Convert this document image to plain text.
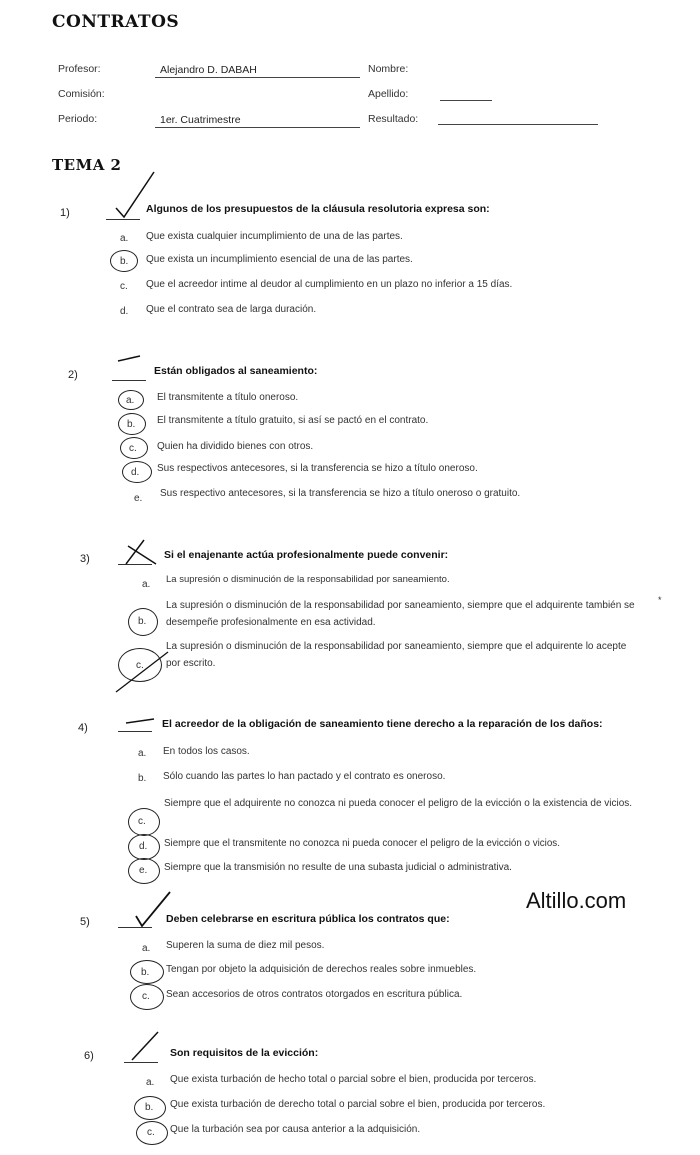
CONTRATOS
Profesor:	Alejandro D. DABAH
Comisión:
Periodo:	1er. Cuatrimestre
Nombre:
Apellido:
Resultado:
TEMA 2
1)	Algunos de los presupuestos de la cláusula resolutoria expresa son:
a. Que exista cualquier incumplimiento de una de las partes.
b. Que exista un incumplimiento esencial de una de las partes.
c. Que el acreedor intime al deudor al cumplimiento en un plazo no inferior a 15 días.
d. Que el contrato sea de larga duración.
2)	Están obligados al saneamiento:
a. El transmitente a título oneroso.
b. El transmitente a título gratuito, si así se pactó en el contrato.
c. Quien ha dividido bienes con otros.
d. Sus respectivos antecesores, si la transferencia se hizo a título oneroso.
e. Sus respectivo antecesores, si la transferencia se hizo a título oneroso o gratuito.
3)	Si el enajenante actúa profesionalmente puede convenir:
a. La supresión o disminución de la responsabilidad por saneamiento.
b.
La supresión o disminución de la responsabilidad por saneamiento, siempre que el adquirente también se desempeñe profesionalmente en esa actividad.
c.
La supresión o disminución de la responsabilidad por saneamiento, siempre que el adquirente lo acepte por escrito.
*
4)	El acreedor de la obligación de saneamiento tiene derecho a la reparación de los daños:
a. En todos los casos.
b. Sólo cuando las partes lo han pactado y el contrato es oneroso.
c.
Siempre que el adquirente no conozca ni pueda conocer el peligro de la evicción o la existencia de vicios.
d. Siempre que el transmitente no conozca ni pueda conocer el peligro de la evicción o vicios.
e. Siempre que la transmisión no resulte de una subasta judicial o administrativa.
Altillo.com
5)	Deben celebrarse en escritura pública los contratos que:
a. Superen la suma de diez mil pesos.
b. Tengan por objeto la adquisición de derechos reales sobre inmuebles.
c. Sean accesorios de otros contratos otorgados en escritura pública.
6)	Son requisitos de la evicción:
a. Que exista turbación de hecho total o parcial sobre el bien, producida por terceros.
b. Que exista turbación de derecho total o parcial sobre el bien, producida por terceros.
c. Que la turbación sea por causa anterior a la adquisición.
